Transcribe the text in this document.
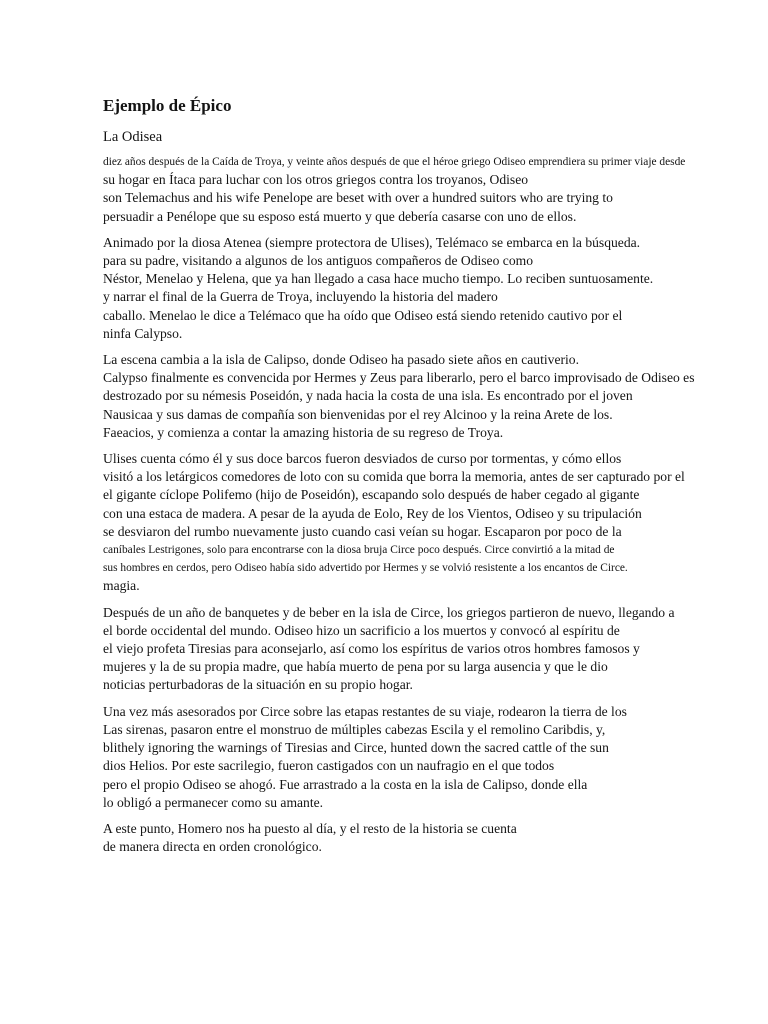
Ejemplo de Épico
La Odisea
diez años después de la Caída de Troya, y veinte años después de que el héroe griego Odiseo emprendiera su primer viaje desde
su hogar en Ítaca para luchar con los otros griegos contra los troyanos, Odiseo
son Telemachus and his wife Penelope are beset with over a hundred suitors who are trying to
persuadir a Penélope que su esposo está muerto y que debería casarse con uno de ellos.
Animado por la diosa Atenea (siempre protectora de Ulises), Telémaco se embarca en la búsqueda.
para su padre, visitando a algunos de los antiguos compañeros de Odiseo como
Néstor, Menelao y Helena, que ya han llegado a casa hace mucho tiempo. Lo reciben suntuosamente.
y narrar el final de la Guerra de Troya, incluyendo la historia del madero
caballo. Menelao le dice a Telémaco que ha oído que Odiseo está siendo retenido cautivo por el
ninfa Calypso.
La escena cambia a la isla de Calipso, donde Odiseo ha pasado siete años en cautiverio.
Calypso finalmente es convencida por Hermes y Zeus para liberarlo, pero el barco improvisado de Odiseo es
destrozado por su némesis Poseidón, y nada hacia la costa de una isla. Es encontrado por el joven
Nausicaa y sus damas de compañía son bienvenidas por el rey Alcinoo y la reina Arete de los.
Faeacios, y comienza a contar la amazing historia de su regreso de Troya.
Ulises cuenta cómo él y sus doce barcos fueron desviados de curso por tormentas, y cómo ellos
visitó a los letárgicos comedores de loto con su comida que borra la memoria, antes de ser capturado por el
el gigante cíclope Polifemo (hijo de Poseidón), escapando solo después de haber cegado al gigante
con una estaca de madera. A pesar de la ayuda de Eolo, Rey de los Vientos, Odiseo y su tripulación
se desviaron del rumbo nuevamente justo cuando casi veían su hogar. Escaparon por poco de la
caníbales Lestrigones, solo para encontrarse con la diosa bruja Circe poco después. Circe convirtió a la mitad de
sus hombres en cerdos, pero Odiseo había sido advertido por Hermes y se volvió resistente a los encantos de Circe.
magia.
Después de un año de banquetes y de beber en la isla de Circe, los griegos partieron de nuevo, llegando a
el borde occidental del mundo. Odiseo hizo un sacrificio a los muertos y convocó al espíritu de
el viejo profeta Tiresias para aconsejarlo, así como los espíritus de varios otros hombres famosos y
mujeres y la de su propia madre, que había muerto de pena por su larga ausencia y que le dio
noticias perturbadoras de la situación en su propio hogar.
Una vez más asesorados por Circe sobre las etapas restantes de su viaje, rodearon la tierra de los
Las sirenas, pasaron entre el monstruo de múltiples cabezas Escila y el remolino Caribdis, y,
blithely ignoring the warnings of Tiresias and Circe, hunted down the sacred cattle of the sun
dios Helios. Por este sacrilegio, fueron castigados con un naufragio en el que todos
pero el propio Odiseo se ahogó. Fue arrastrado a la costa en la isla de Calipso, donde ella
lo obligó a permanecer como su amante.
A este punto, Homero nos ha puesto al día, y el resto de la historia se cuenta
de manera directa en orden cronológico.
